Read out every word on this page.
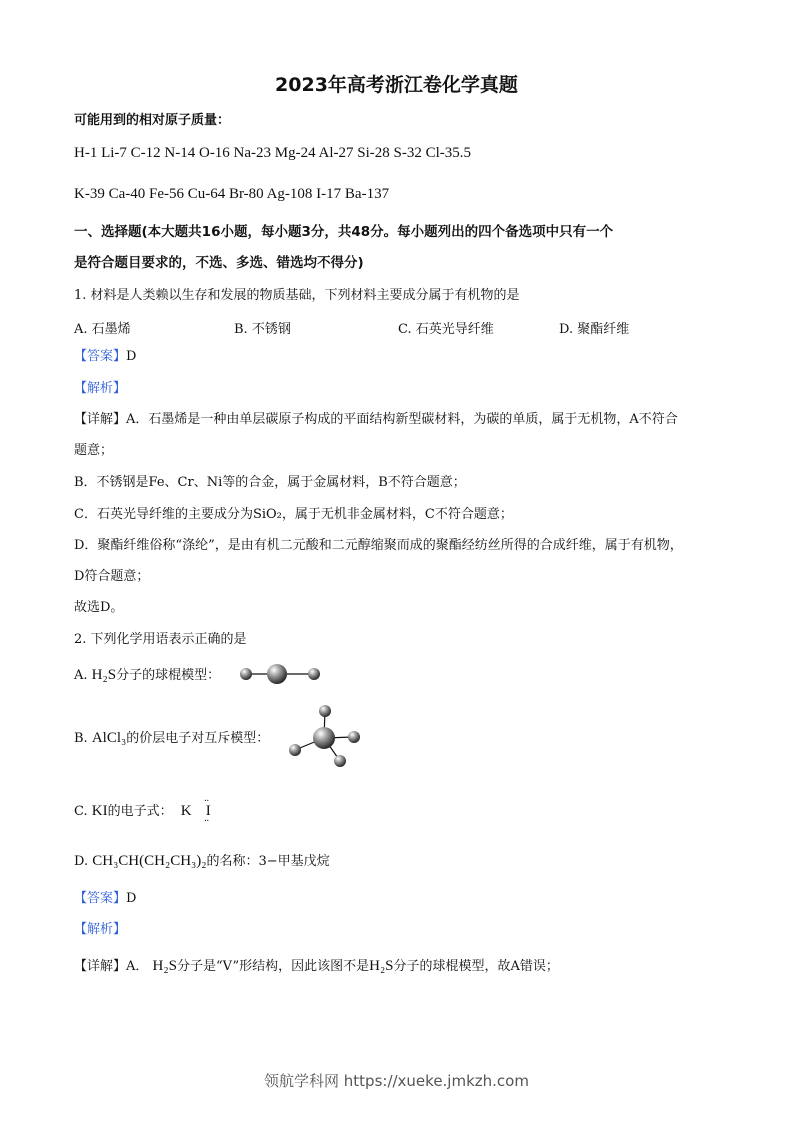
2023年高考浙江卷化学真题
可能用到的相对原子质量：
H-1 Li-7 C-12 N-14 O-16 Na-23 Mg-24 Al-27 Si-28 S-32 Cl-35.5
K-39 Ca-40 Fe-56 Cu-64 Br-80 Ag-108 I-17 Ba-137
一、选择题(本大题共16小题，每小题3分，共48分。每小题列出的四个备选项中只有一个
是符合题目要求的，不选、多选、错选均不得分)
1. 材料是人类赖以生存和发展的物质基础，下列材料主要成分属于有机物的是
A. 石墨烯	B. 不锈钢	C. 石英光导纤维	D. 聚酯纤维
【答案】D
【解析】
【详解】A．石墨烯是一种由单层碳原子构成的平面结构新型碳材料，为碳的单质，属于无机物，A不符合
题意；
B．不锈钢是Fe、Cr、Ni等的合金，属于金属材料，B不符合题意；
C．石英光导纤维的主要成分为SiO₂，属于无机非金属材料，C不符合题意；
D．聚酯纤维俗称“涤纶”，是由有机二元酸和二元醇缩聚而成的聚酯经纺丝所得的合成纤维，属于有机物，
D符合题意；
故选D。
2. 下列化学用语表示正确的是
A. H₂S分子的球棍模型：
B. AlCl₃的价层电子对互斥模型：
C. KI的电子式： K I
··
··
D. CH₃CH(CH₂CH₃)₂的名称：3−甲基戊烷
【答案】D
【解析】
【详解】A． H₂S分子是“V”形结构，因此该图不是H₂S分子的球棍模型，故A错误；
领航学科网 https://xueke.jmkzh.com
